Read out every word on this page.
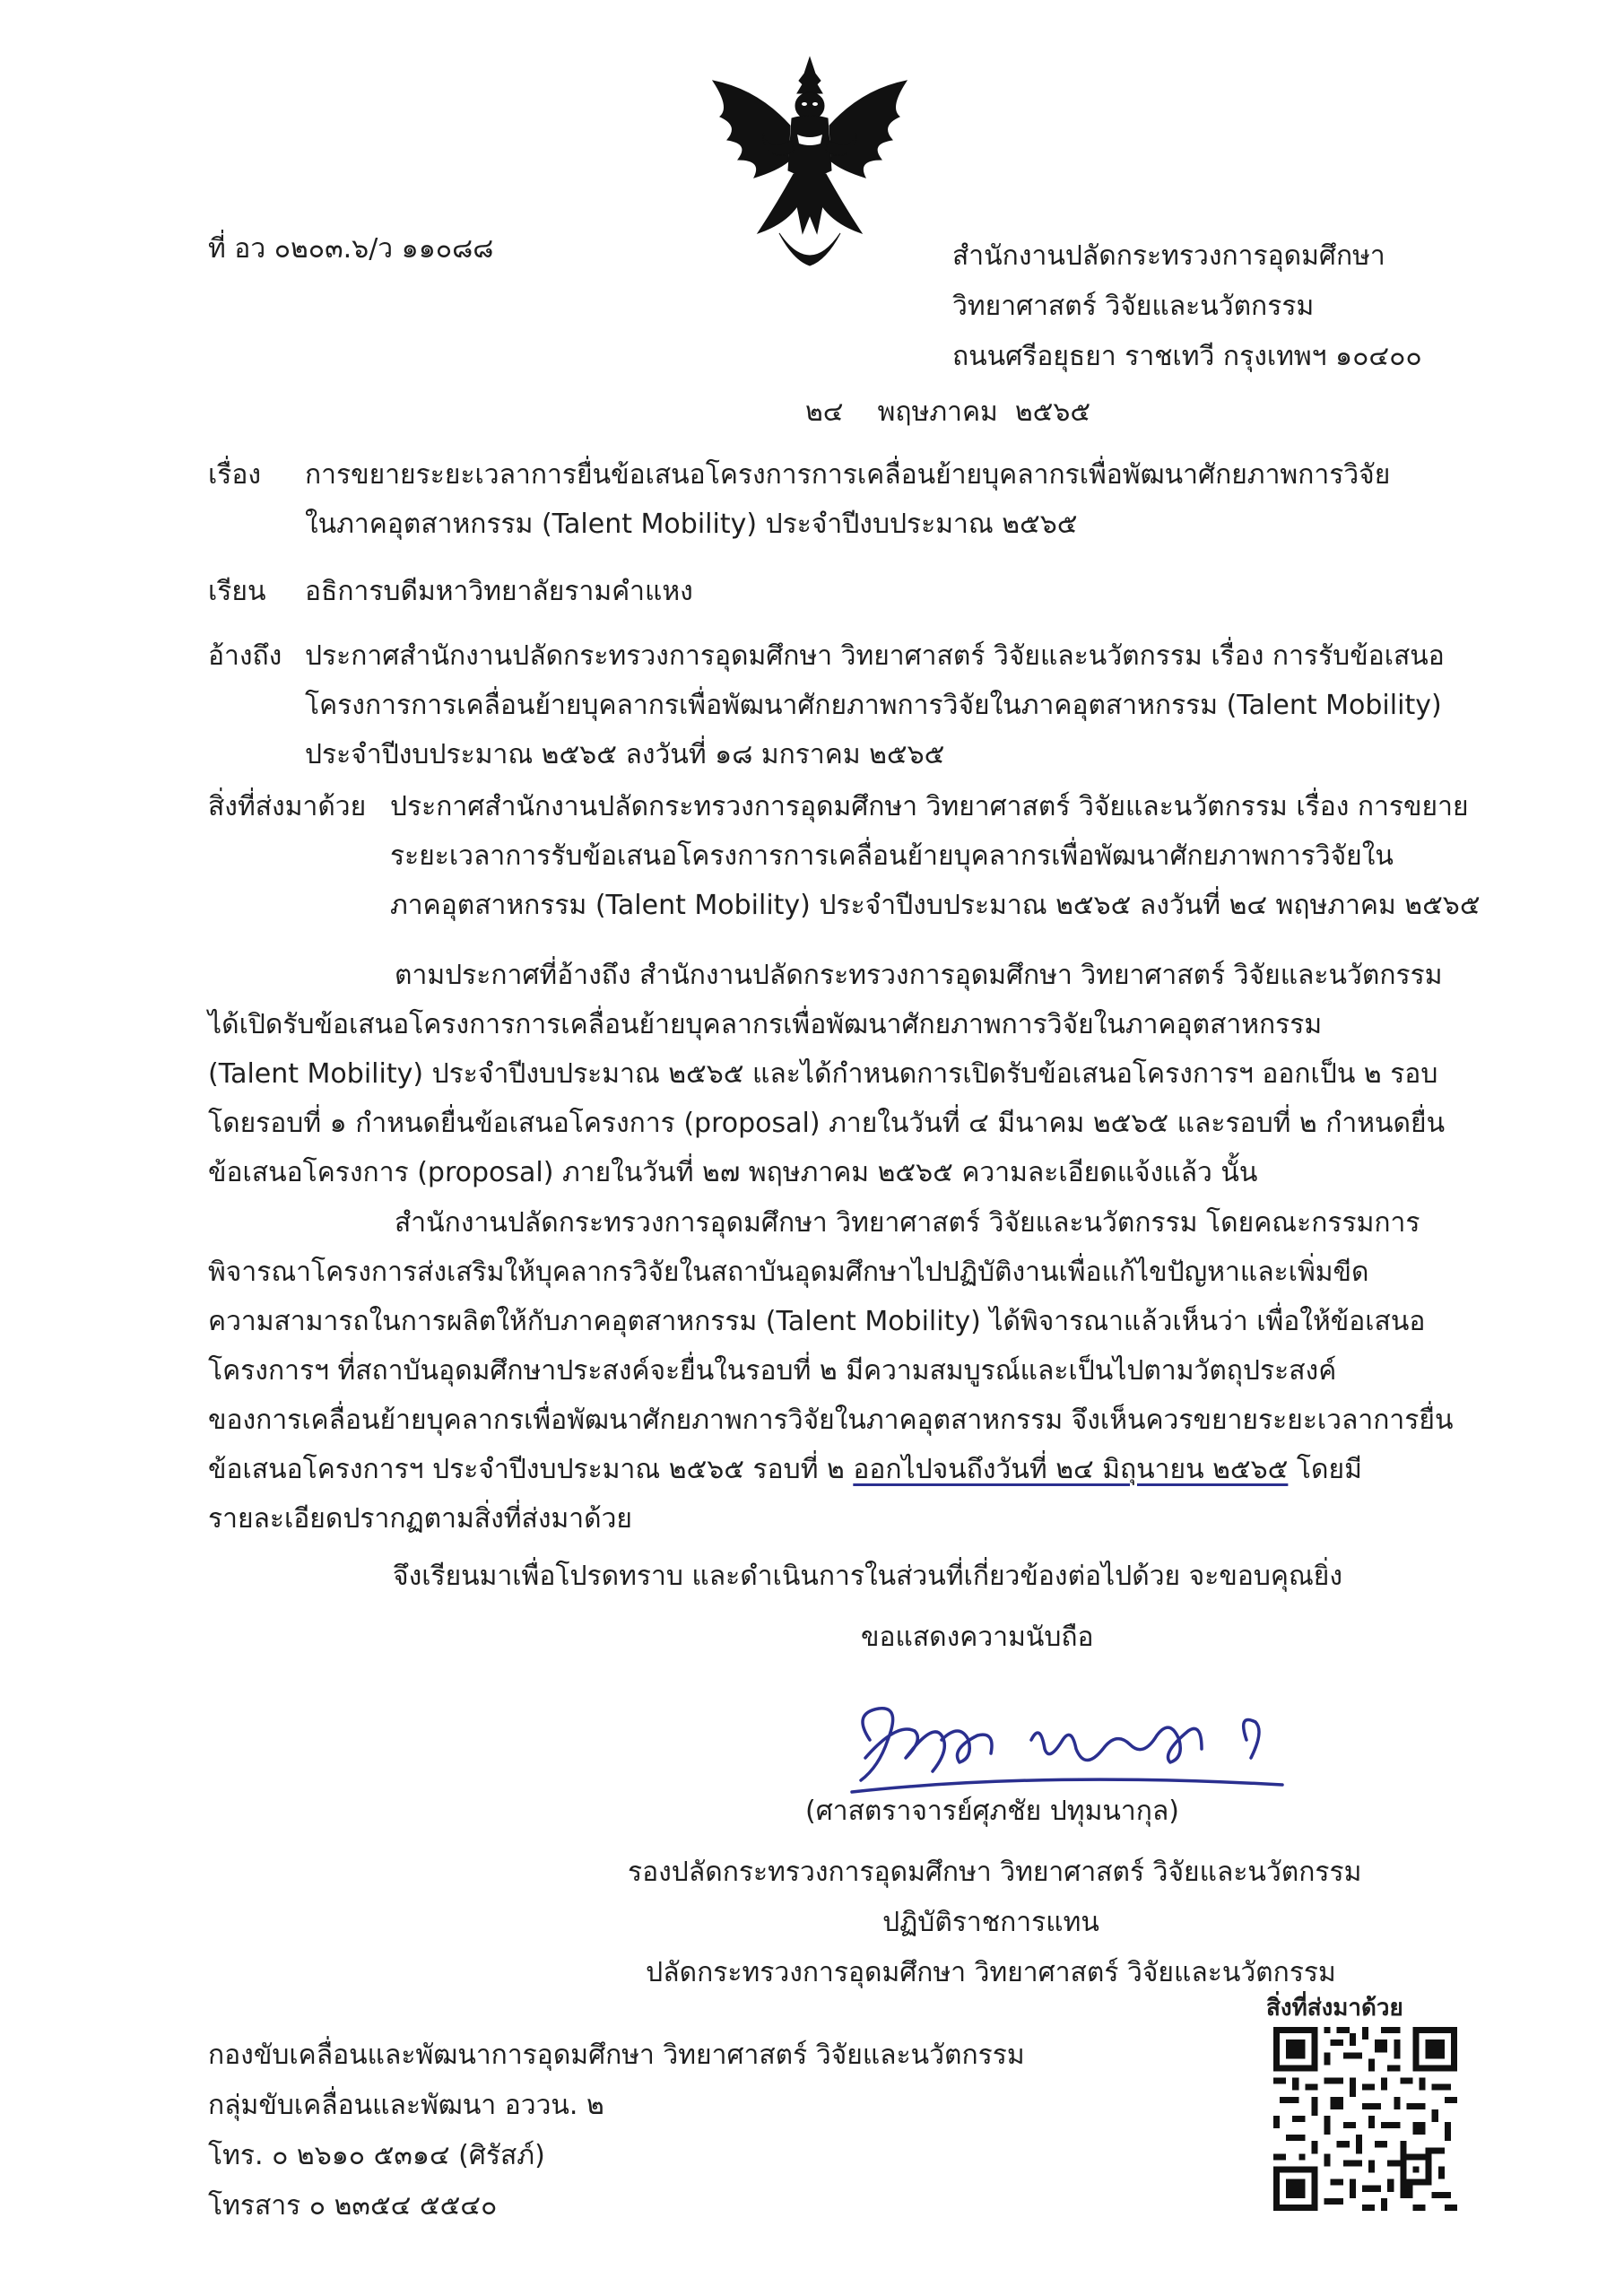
ที่ อว ๐๒๐๓.๖/ว ๑๑๐๘๘	สำนักงานปลัดกระทรวงการอุดมศึกษา
วิทยาศาสตร์ วิจัยและนวัตกรรม
ถนนศรีอยุธยา ราชเทวี กรุงเทพฯ ๑๐๔๐๐
๒๔    พฤษภาคม  ๒๕๖๕
เรื่อง การขยายระยะเวลาการยื่นข้อเสนอโครงการการเคลื่อนย้ายบุคลากรเพื่อพัฒนาศักยภาพการวิจัย
ในภาคอุตสาหกรรม (Talent Mobility) ประจำปีงบประมาณ ๒๕๖๕
เรียน อธิการบดีมหาวิทยาลัยรามคำแหง
อ้างถึง ประกาศสำนักงานปลัดกระทรวงการอุดมศึกษา วิทยาศาสตร์ วิจัยและนวัตกรรม เรื่อง การรับข้อเสนอ
โครงการการเคลื่อนย้ายบุคลากรเพื่อพัฒนาศักยภาพการวิจัยในภาคอุตสาหกรรม (Talent Mobility)
ประจำปีงบประมาณ ๒๕๖๕ ลงวันที่ ๑๘ มกราคม ๒๕๖๕
สิ่งที่ส่งมาด้วย ประกาศสำนักงานปลัดกระทรวงการอุดมศึกษา วิทยาศาสตร์ วิจัยและนวัตกรรม เรื่อง การขยาย
ระยะเวลาการรับข้อเสนอโครงการการเคลื่อนย้ายบุคลากรเพื่อพัฒนาศักยภาพการวิจัยใน
ภาคอุตสาหกรรม (Talent Mobility) ประจำปีงบประมาณ ๒๕๖๕ ลงวันที่ ๒๔ พฤษภาคม ๒๕๖๕
ตามประกาศที่อ้างถึง สำนักงานปลัดกระทรวงการอุดมศึกษา วิทยาศาสตร์ วิจัยและนวัตกรรม
ได้เปิดรับข้อเสนอโครงการการเคลื่อนย้ายบุคลากรเพื่อพัฒนาศักยภาพการวิจัยในภาคอุตสาหกรรม
(Talent Mobility) ประจำปีงบประมาณ ๒๕๖๕ และได้กำหนดการเปิดรับข้อเสนอโครงการฯ ออกเป็น ๒ รอบ
โดยรอบที่ ๑ กำหนดยื่นข้อเสนอโครงการ (proposal) ภายในวันที่ ๔ มีนาคม ๒๕๖๕ และรอบที่ ๒ กำหนดยื่น
ข้อเสนอโครงการ (proposal) ภายในวันที่ ๒๗ พฤษภาคม ๒๕๖๕ ความละเอียดแจ้งแล้ว นั้น
สำนักงานปลัดกระทรวงการอุดมศึกษา วิทยาศาสตร์ วิจัยและนวัตกรรม โดยคณะกรรมการ
พิจารณาโครงการส่งเสริมให้บุคลากรวิจัยในสถาบันอุดมศึกษาไปปฏิบัติงานเพื่อแก้ไขปัญหาและเพิ่มขีด
ความสามารถในการผลิตให้กับภาคอุตสาหกรรม (Talent Mobility) ได้พิจารณาแล้วเห็นว่า เพื่อให้ข้อเสนอ
โครงการฯ ที่สถาบันอุดมศึกษาประสงค์จะยื่นในรอบที่ ๒ มีความสมบูรณ์และเป็นไปตามวัตถุประสงค์
ของการเคลื่อนย้ายบุคลากรเพื่อพัฒนาศักยภาพการวิจัยในภาคอุตสาหกรรม จึงเห็นควรขยายระยะเวลาการยื่น
ข้อเสนอโครงการฯ ประจำปีงบประมาณ ๒๕๖๕ รอบที่ ๒ ออกไปจนถึงวันที่ ๒๔ มิถุนายน ๒๕๖๕ โดยมี
รายละเอียดปรากฏตามสิ่งที่ส่งมาด้วย
จึงเรียนมาเพื่อโปรดทราบ และดำเนินการในส่วนที่เกี่ยวข้องต่อไปด้วย จะขอบคุณยิ่ง
ขอแสดงความนับถือ
(ศาสตราจารย์ศุภชัย ปทุมนากุล)
รองปลัดกระทรวงการอุดมศึกษา วิทยาศาสตร์ วิจัยและนวัตกรรม
ปฏิบัติราชการแทน
ปลัดกระทรวงการอุดมศึกษา วิทยาศาสตร์ วิจัยและนวัตกรรม
สิ่งที่ส่งมาด้วย
กองขับเคลื่อนและพัฒนาการอุดมศึกษา วิทยาศาสตร์ วิจัยและนวัตกรรม
กลุ่มขับเคลื่อนและพัฒนา อววน. ๒
โทร. ๐ ๒๖๑๐ ๕๓๑๔ (ศิรัสภ์)
โทรสาร ๐ ๒๓๕๔ ๕๕๔๐
